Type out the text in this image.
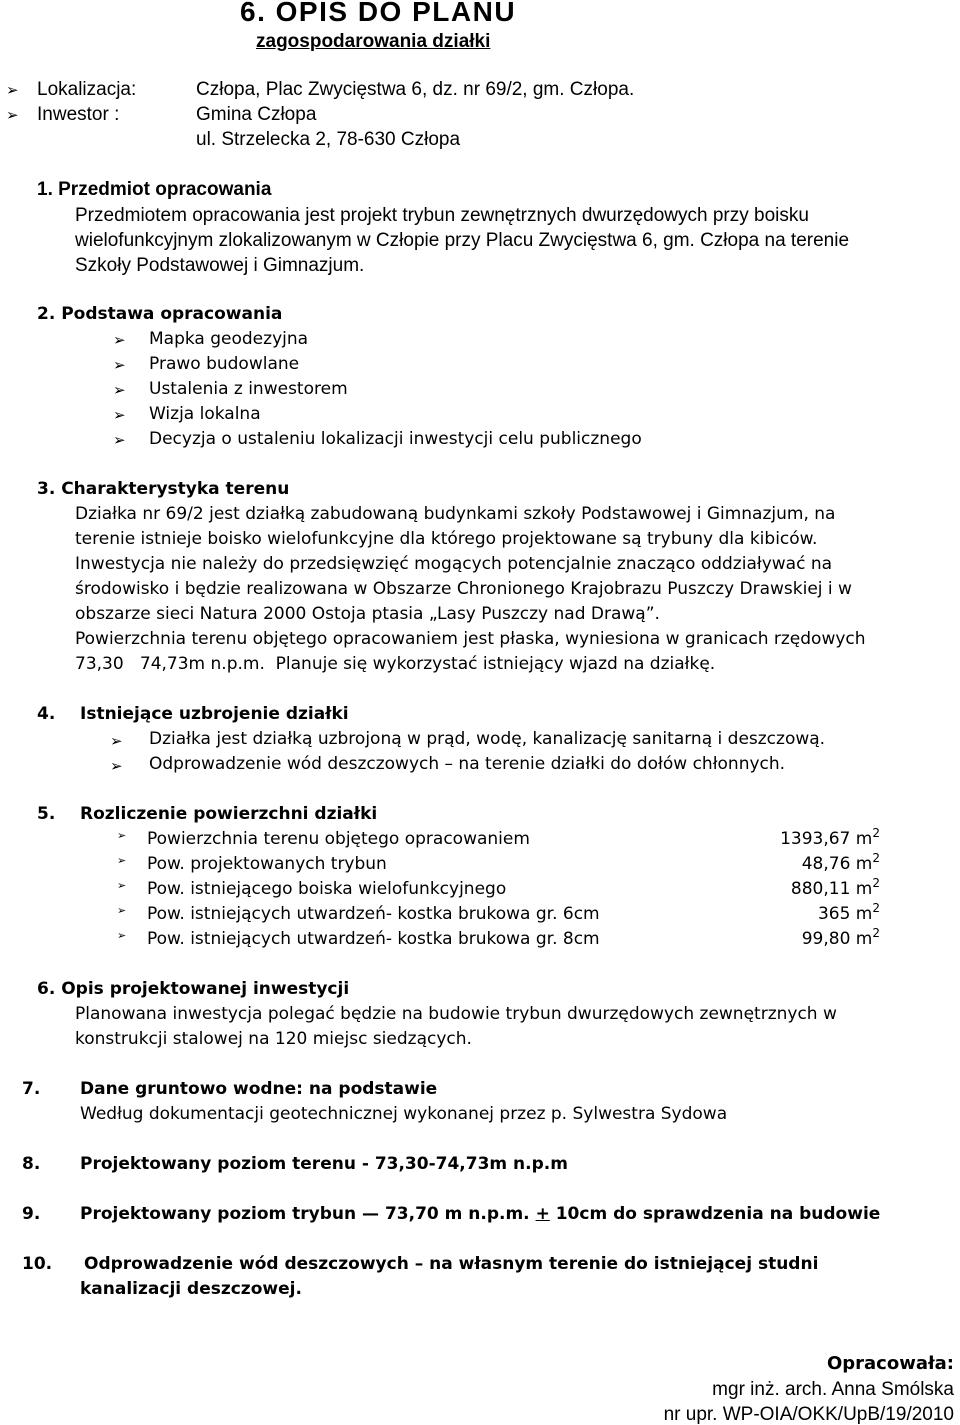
6. OPIS DO PLANU
zagospodarowania działki
➢ Lokalizacja:	Człopa, Plac Zwycięstwa 6, dz. nr 69/2, gm. Człopa.
➢ Inwestor :	Gmina Człopa
ul. Strzelecka 2, 78-630 Człopa
1. Przedmiot opracowania
Przedmiotem opracowania jest projekt trybun zewnętrznych dwurzędowych przy boisku
wielofunkcyjnym zlokalizowanym w Człopie przy Placu Zwycięstwa 6, gm. Człopa na terenie
Szkoły Podstawowej i Gimnazjum.
2. Podstawa opracowania
➢ Mapka geodezyjna
➢ Prawo budowlane
➢ Ustalenia z inwestorem
➢ Wizja lokalna
➢ Decyzja o ustaleniu lokalizacji inwestycji celu publicznego
3. Charakterystyka terenu
Działka nr 69/2 jest działką zabudowaną budynkami szkoły Podstawowej i Gimnazjum, na
terenie istnieje boisko wielofunkcyjne dla którego projektowane są trybuny dla kibiców.
Inwestycja nie należy do przedsięwzięć mogących potencjalnie znacząco oddziaływać na
środowisko i będzie realizowana w Obszarze Chronionego Krajobrazu Puszczy Drawskiej i w
obszarze sieci Natura 2000 Ostoja ptasia „Lasy Puszczy nad Drawą”.
Powierzchnia terenu objętego opracowaniem jest płaska, wyniesiona w granicach rzędowych
73,30   74,73m n.p.m.  Planuje się wykorzystać istniejący wjazd na działkę.
4. Istniejące uzbrojenie działki
➢ Działka jest działką uzbrojoną w prąd, wodę, kanalizację sanitarną i deszczową.
➢ Odprowadzenie wód deszczowych – na terenie działki do dołów chłonnych.
5. Rozliczenie powierzchni działki
➢ Powierzchnia terenu objętego opracowaniem	1393,67 $m^2$
➢ Pow. projektowanych trybun	48,76 $m^2$
➢ Pow. istniejącego boiska wielofunkcyjnego	880,11 $m^2$
➢ Pow. istniejących utwardzeń- kostka brukowa gr. 6cm	365 $m^2$
➢ Pow. istniejących utwardzeń- kostka brukowa gr. 8cm	99,80 $m^2$
6. Opis projektowanej inwestycji
Planowana inwestycja polegać będzie na budowie trybun dwurzędowych zewnętrznych w
konstrukcji stalowej na 120 miejsc siedzących.
7. Dane gruntowo wodne: na podstawie
Według dokumentacji geotechnicznej wykonanej przez p. Sylwestra Sydowa
8. Projektowany poziom terenu - 73,30-74,73m n.p.m
9. Projektowany poziom trybun — 73,70 m n.p.m. + 10cm do sprawdzenia na budowie
10. Odprowadzenie wód deszczowych – na własnym terenie do istniejącej studni
kanalizacji deszczowej.
Opracowała:
mgr inż. arch. Anna Smólska
nr upr. WP-OIA/OKK/UpB/19/2010
